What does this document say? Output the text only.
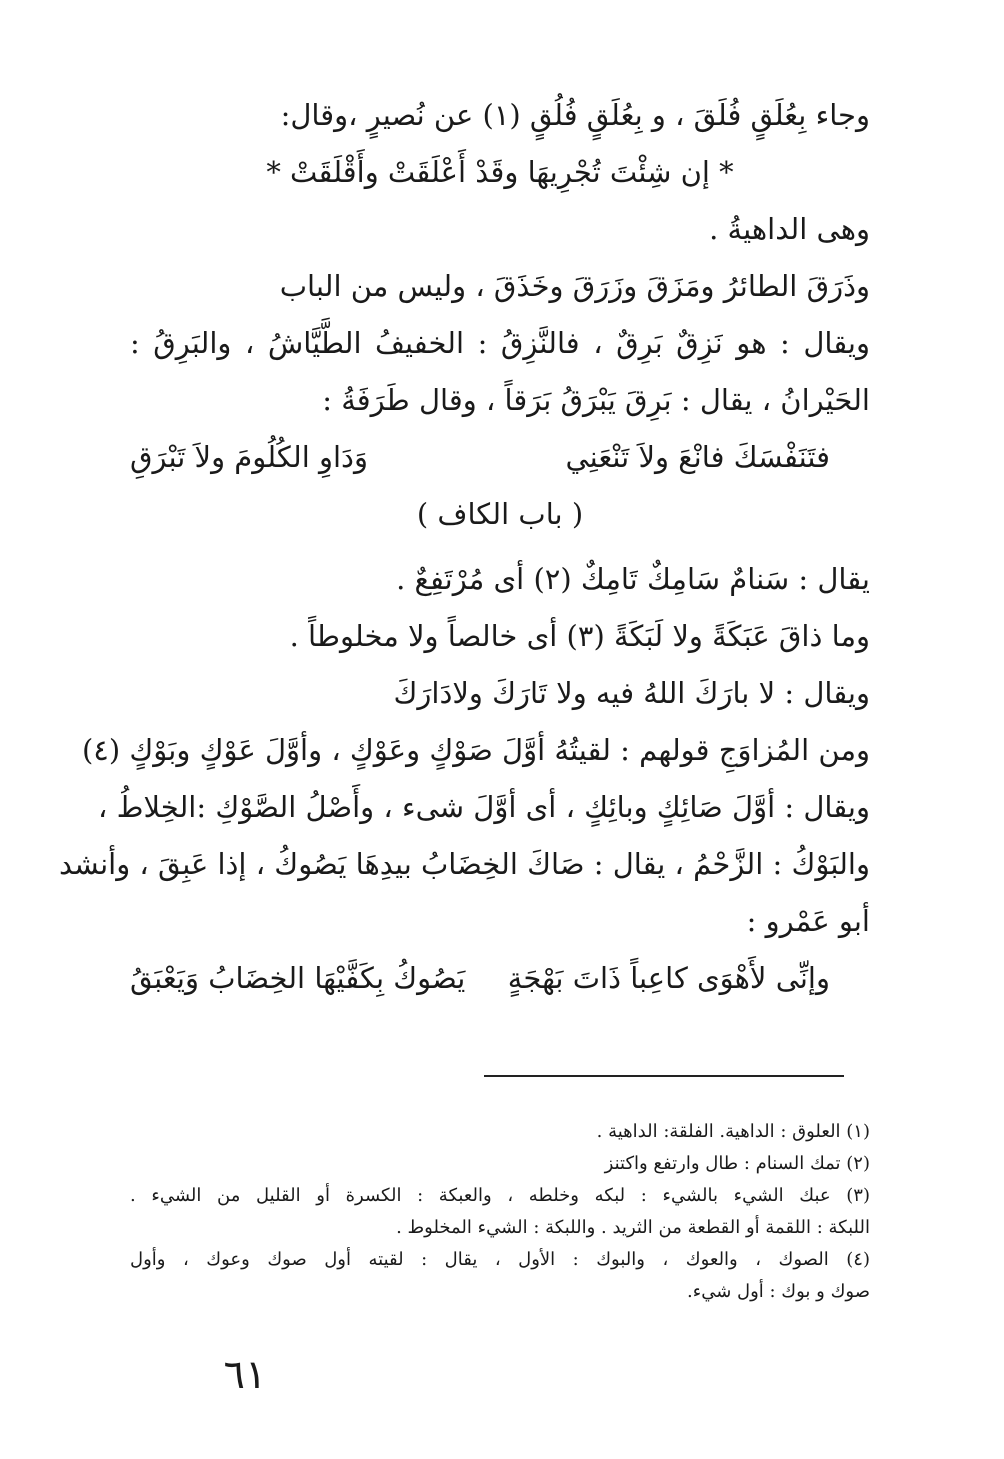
وجاء بِعُلَقٍ فُلَقَ ، و بِعُلَقٍ فُلُقٍ (١) عن نُصيرٍ ،وقال:
* إن شِئْتَ تُجْرِيهَا وقَدْ أَعْلَقَتْ وأَقْلَقَتْ *
وهى الداهيةُ .
وذَرَقَ الطائرُ ومَزَقَ وزَرَقَ وخَذَقَ ، وليس من الباب
ويقال : هو نَزِقٌ بَرِقٌ ، فالنَّزِقُ : الخفيفُ الطَّيَّاشُ ، والبَرِقُ :
الحَيْرانُ ، يقال : بَرِقَ يَبْرَقُ بَرَقاً ، وقال طَرَفَةُ :
فتَنَفْسَكَ فانْعَ ولاَ تَنْعَنِي
وَدَاوِ الكُلُومَ ولاَ تَبْرَقِ
( باب الكاف )
يقال : سَنامٌ سَامِكٌ تَامِكٌ (٢) أى مُرْتَفِعٌ .
وما ذاقَ عَبَكَةً ولا لَبَكَةً (٣) أى خالصاً ولا مخلوطاً .
ويقال : لا بارَكَ اللهُ فيه ولا تَارَكَ ولادَارَكَ
ومن المُزاوَجِ قولهم : لقيتُهُ أوَّلَ صَوْكٍ وعَوْكٍ ، وأوَّلَ عَوْكٍ وبَوْكٍ (٤)
ويقال : أوَّلَ صَائِكٍ وبائِكٍ ، أى أوَّلَ شىء ، وأَصْلُ الصَّوْكِ :الخِلاطُ ،
والبَوْكُ : الزَّحْمُ ، يقال : صَاكَ الخِضَابُ بيدِهَا يَصُوكُ ، إذا عَبِقَ ، وأنشد
أبو عَمْرو :
وإنِّى لأَهْوَى كاعِباً ذَاتَ بَهْجَةٍ
يَصُوكُ بِكَفَّيْهَا الخِضَابُ وَيَعْبَقُ
(١) العلوق : الداهية. الفلقة: الداهية .
(٢) تمك السنام : طال وارتفع واكتنز
(٣) عبك الشيء بالشيء : لبكه وخلطه ، والعبكة : الكسرة أو القليل من الشيء .
اللبكة : اللقمة أو القطعة من الثريد . واللبكة : الشيء المخلوط .
(٤) الصوك ، والعوك ، والبوك : الأول ، يقال : لقيته أول صوك وعوك ، وأول
صوك و بوك : أول شيء.
٦١
